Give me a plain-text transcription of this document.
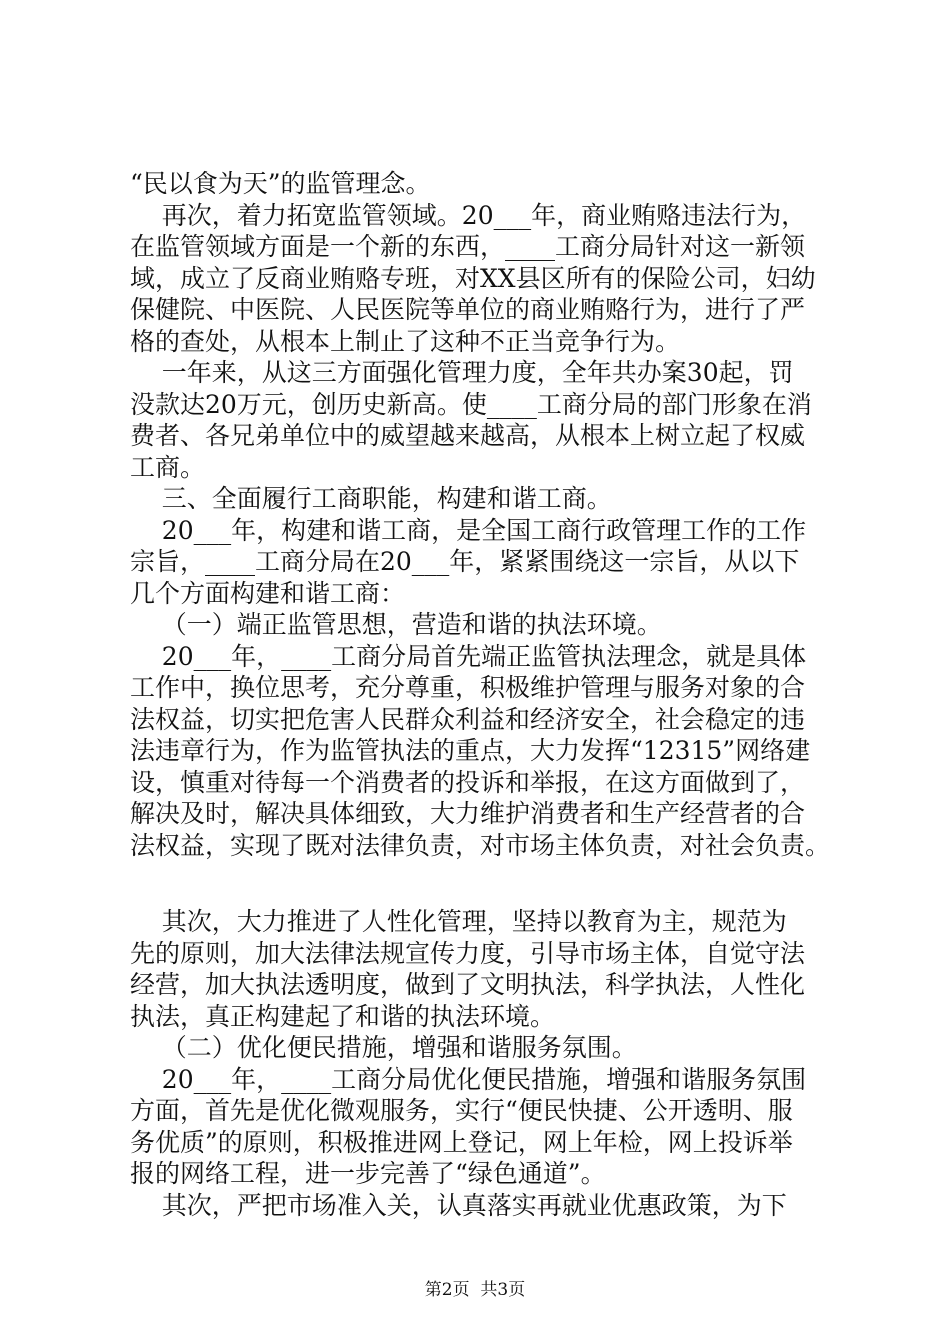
“民以食为天”的监管理念。
再次，着力拓宽监管领域。20___年，商业贿赂违法行为，
在监管领域方面是一个新的东西，____工商分局针对这一新领
域，成立了反商业贿赂专班，对XX县区所有的保险公司，妇幼
保健院、中医院、人民医院等单位的商业贿赂行为，进行了严
格的查处，从根本上制止了这种不正当竞争行为。
一年来，从这三方面强化管理力度，全年共办案30起，罚
没款达20万元，创历史新高。使____工商分局的部门形象在消
费者、各兄弟单位中的威望越来越高，从根本上树立起了权威
工商。
三、全面履行工商职能，构建和谐工商。
20___年，构建和谐工商，是全国工商行政管理工作的工作
宗旨，____工商分局在20___年，紧紧围绕这一宗旨，从以下
几个方面构建和谐工商：
（一）端正监管思想，营造和谐的执法环境。
20___年，____工商分局首先端正监管执法理念，就是具体
工作中，换位思考，充分尊重，积极维护管理与服务对象的合
法权益，切实把危害人民群众利益和经济安全，社会稳定的违
法违章行为，作为监管执法的重点，大力发挥“12315”网络建
设，慎重对待每一个消费者的投诉和举报，在这方面做到了，
解决及时，解决具体细致，大力维护消费者和生产经营者的合
法权益，实现了既对法律负责，对市场主体负责，对社会负责。
其次，大力推进了人性化管理，坚持以教育为主，规范为
先的原则，加大法律法规宣传力度，引导市场主体，自觉守法
经营，加大执法透明度，做到了文明执法，科学执法，人性化
执法，真正构建起了和谐的执法环境。
（二）优化便民措施，增强和谐服务氛围。
20___年，____工商分局优化便民措施，增强和谐服务氛围
方面，首先是优化微观服务，实行“便民快捷、公开透明、服
务优质”的原则，积极推进网上登记，网上年检，网上投诉举
报的网络工程，进一步完善了“绿色通道”。
其次，严把市场准入关，认真落实再就业优惠政策，为下
第2页  共3页
